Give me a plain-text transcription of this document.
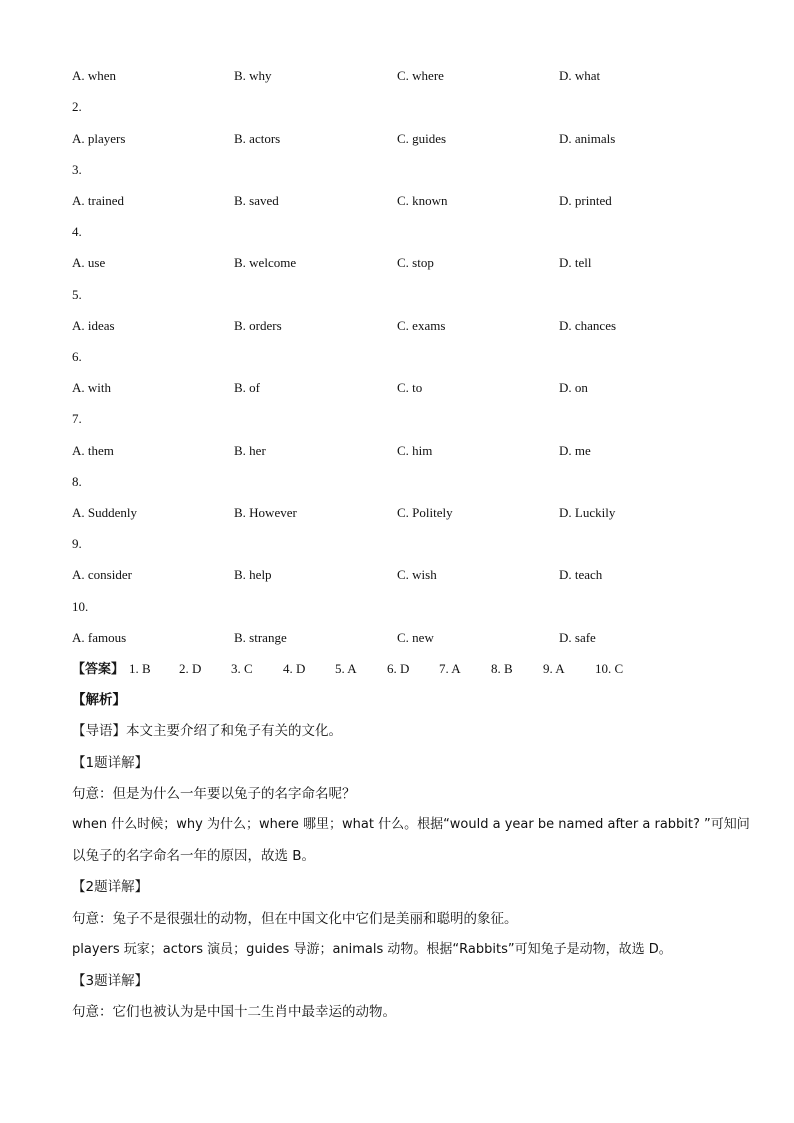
A. when	B. why	C. where	D. what
2.
A. players	B. actors	C. guides	D. animals
3.
A. trained	B. saved	C. known	D. printed
4.
A. use	B. welcome	C. stop	D. tell
5.
A. ideas	B. orders	C. exams	D. chances
6.
A. with	B. of	C. to	D. on
7.
A. them	B. her	C. him	D. me
8.
A. Suddenly	B. However	C. Politely	D. Luckily
9.
A. consider	B. help	C. wish	D. teach
10.
A. famous	B. strange	C. new	D. safe
【答案】 1. B 2. D 3. C 4. D 5. A 6. D 7. A 8. B 9. A 10. C
【解析】
【导语】本文主要介绍了和兔子有关的文化。
【1题详解】
句意：但是为什么一年要以兔子的名字命名呢？
when 什么时候；why 为什么；where 哪里；what 什么。根据“would a year be named after a rabbit? ”可知问
以兔子的名字命名一年的原因，故选 B。
【2题详解】
句意：兔子不是很强壮的动物，但在中国文化中它们是美丽和聪明的象征。
players 玩家；actors 演员；guides 导游；animals 动物。根据“Rabbits”可知兔子是动物，故选 D。
【3题详解】
句意：它们也被认为是中国十二生肖中最幸运的动物。
